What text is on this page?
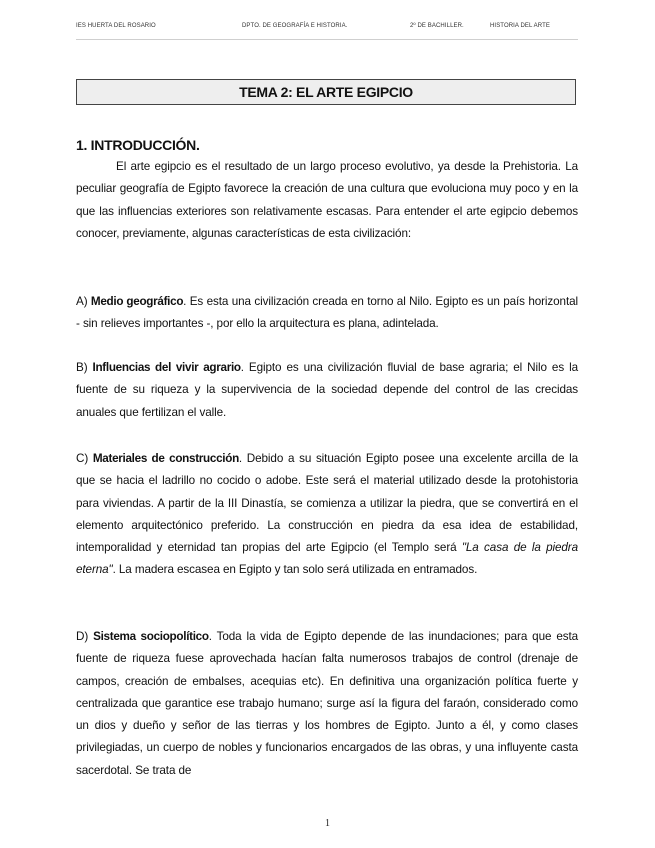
IES HUERTA DEL ROSARIO	DPTO. DE GEOGRAFÍA E HISTORIA.	2º DE BACHILLER.	HISTORIA DEL ARTE
TEMA 2: EL ARTE EGIPCIO
1. INTRODUCCIÓN.

El arte egipcio es el resultado de un largo proceso evolutivo, ya desde la Prehistoria. La peculiar geografía de Egipto favorece la creación de una cultura que evoluciona muy poco y en la que las influencias exteriores son relativamente escasas. Para entender el arte egipcio debemos conocer, previamente, algunas características de esta civilización:

A) Medio geográfico. Es esta una civilización creada en torno al Nilo. Egipto es un país horizontal - sin relieves importantes -, por ello la arquitectura es plana, adintelada.

B) Influencias del vivir agrario. Egipto es una civilización fluvial de base agraria; el Nilo es la fuente de su riqueza y la supervivencia de la sociedad depende del control de las crecidas anuales que fertilizan el valle.

C) Materiales de construcción. Debido a su situación Egipto posee una excelente arcilla de la que se hacia el ladrillo no cocido o adobe. Este será el material utilizado desde la protohistoria para viviendas. A partir de la III Dinastía, se comienza a utilizar la piedra, que se convertirá en el elemento arquitectónico preferido. La construcción en piedra da esa idea de estabilidad, intemporalidad y eternidad tan propias del arte Egipcio (el Templo será "La casa de la piedra eterna". La madera escasea en Egipto y tan solo será utilizada en entramados.

D) Sistema sociopolítico. Toda la vida de Egipto depende de las inundaciones; para que esta fuente de riqueza fuese aprovechada hacían falta numerosos trabajos de control (drenaje de campos, creación de embalses, acequias etc). En definitiva una organización política fuerte y centralizada que garantice ese trabajo humano; surge así la figura del faraón, considerado como un dios y dueño y señor de las tierras y los hombres de Egipto. Junto a él, y como clases privilegiadas, un cuerpo de nobles y funcionarios encargados de las obras, y una influyente casta sacerdotal. Se trata de

1
